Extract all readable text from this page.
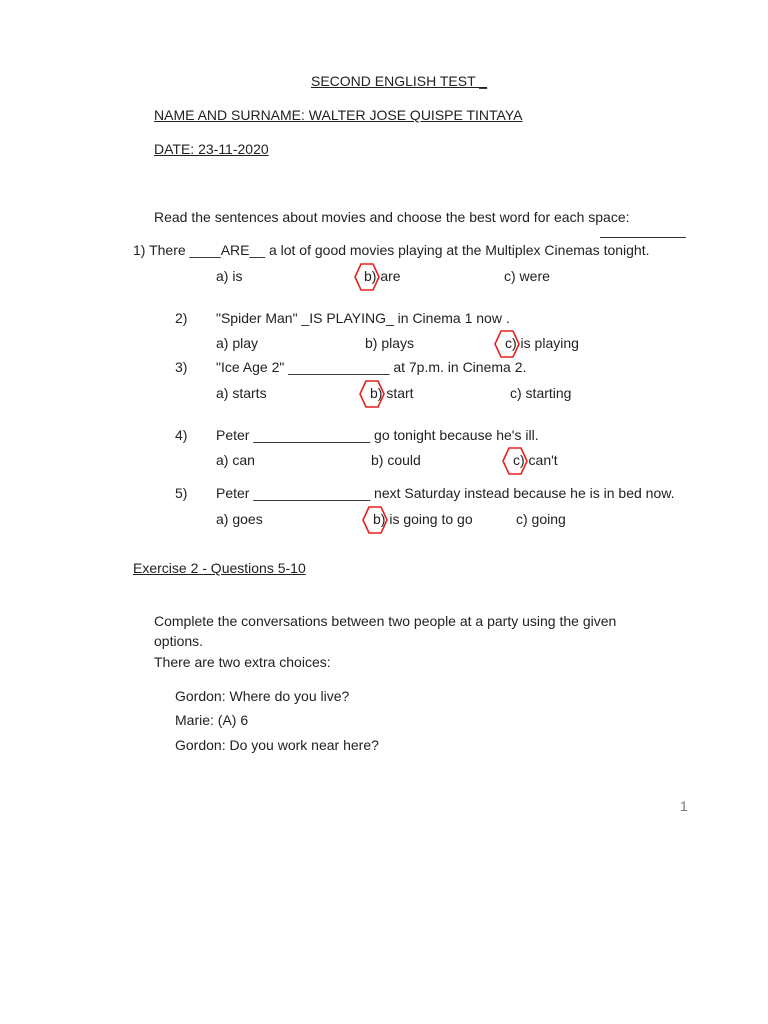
SECOND ENGLISH TEST _
NAME AND SURNAME: WALTER JOSE QUISPE TINTAYA
DATE: 23-11-2020
Read the sentences about movies and choose the best word for each space:
1) There ____ARE__ a lot of good movies playing at the Multiplex Cinemas tonight.
a) is	b) are	c) were
2) "Spider Man" _IS PLAYING_ in Cinema 1 now .
a) play	b) plays	c) is playing
3) "Ice Age 2" _____________ at 7p.m. in Cinema 2.
a) starts	b) start	c) starting
4) Peter _______________ go tonight because he's ill.
a) can	b) could	c) can't
5) Peter _______________ next Saturday instead because he is in bed now.
a) goes	b) is going to go	c) going
Exercise 2 - Questions 5-10
Complete the conversations between two people at a party using the given
options.
There are two extra choices:
Gordon: Where do you live?
Marie: (A) 6
Gordon: Do you work near here?
1
